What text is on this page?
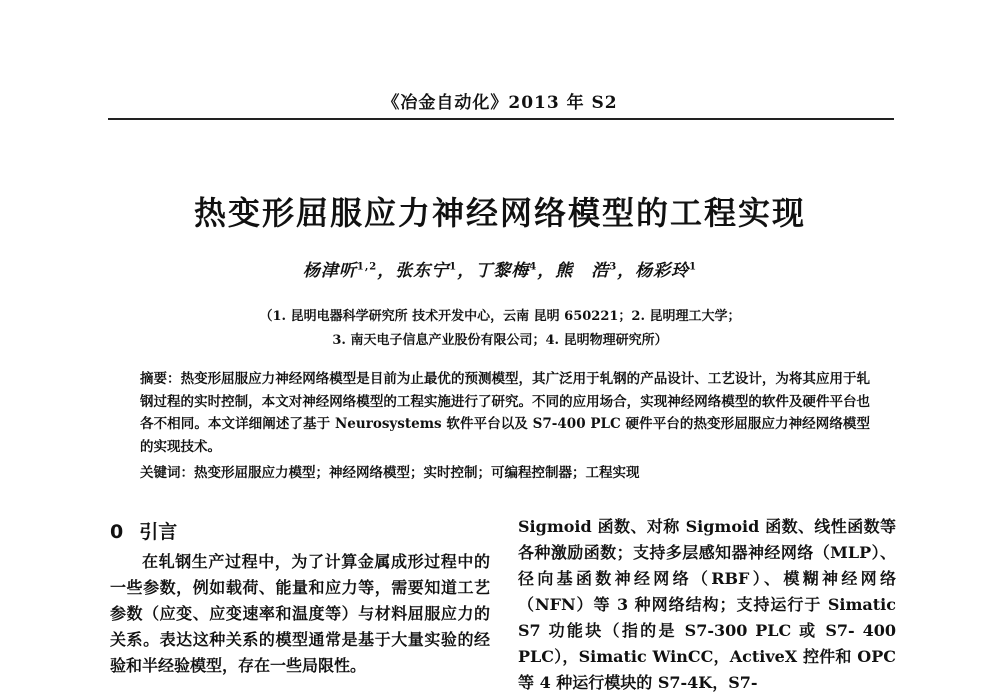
《冶金自动化》2013 年 S2
热变形屈服应力神经网络模型的工程实现
杨津听$^{1,2}$，张东宁$^1$，丁黎梅$^4$，熊　浩$^3$，杨彩玲$^1$
（1. 昆明电器科学研究所 技术开发中心，云南 昆明 650221；2. 昆明理工大学；
3. 南天电子信息产业股份有限公司；4. 昆明物理研究所）
摘要：热变形屈服应力神经网络模型是目前为止最优的预测模型，其广泛用于轧钢的产品设计、工艺设计，为将其应用于轧钢过程的实时控制，本文对神经网络模型的工程实施进行了研究。不同的应用场合，实现神经网络模型的软件及硬件平台也各不相同。本文详细阐述了基于 Neurosystems 软件平台以及 S7-400 PLC 硬件平台的热变形屈服应力神经网络模型的实现技术。
关键词：热变形屈服应力模型；神经网络模型；实时控制；可编程控制器；工程实现
0 引言

在轧钢生产过程中，为了计算金属成形过程中的一些参数，例如载荷、能量和应力等，需要知道工艺参数（应变、应变速率和温度等）与材料屈服应力的关系。表达这种关系的模型通常是基于大量实验的经验和半经验模型，存在一些局限性。

Sigmoid 函数、对称 Sigmoid 函数、线性函数等各种激励函数；支持多层感知器神经网络（MLP）、径向基函数神经网络（RBF）、模糊神经网络（NFN）等 3 种网络结构；支持运行于 Simatic S7 功能块（指的是 S7-300 PLC 或 S7- 400 PLC），Simatic WinCC，ActiveX 控件和 OPC 等 4 种运行模块的 S7-4K，S7-
